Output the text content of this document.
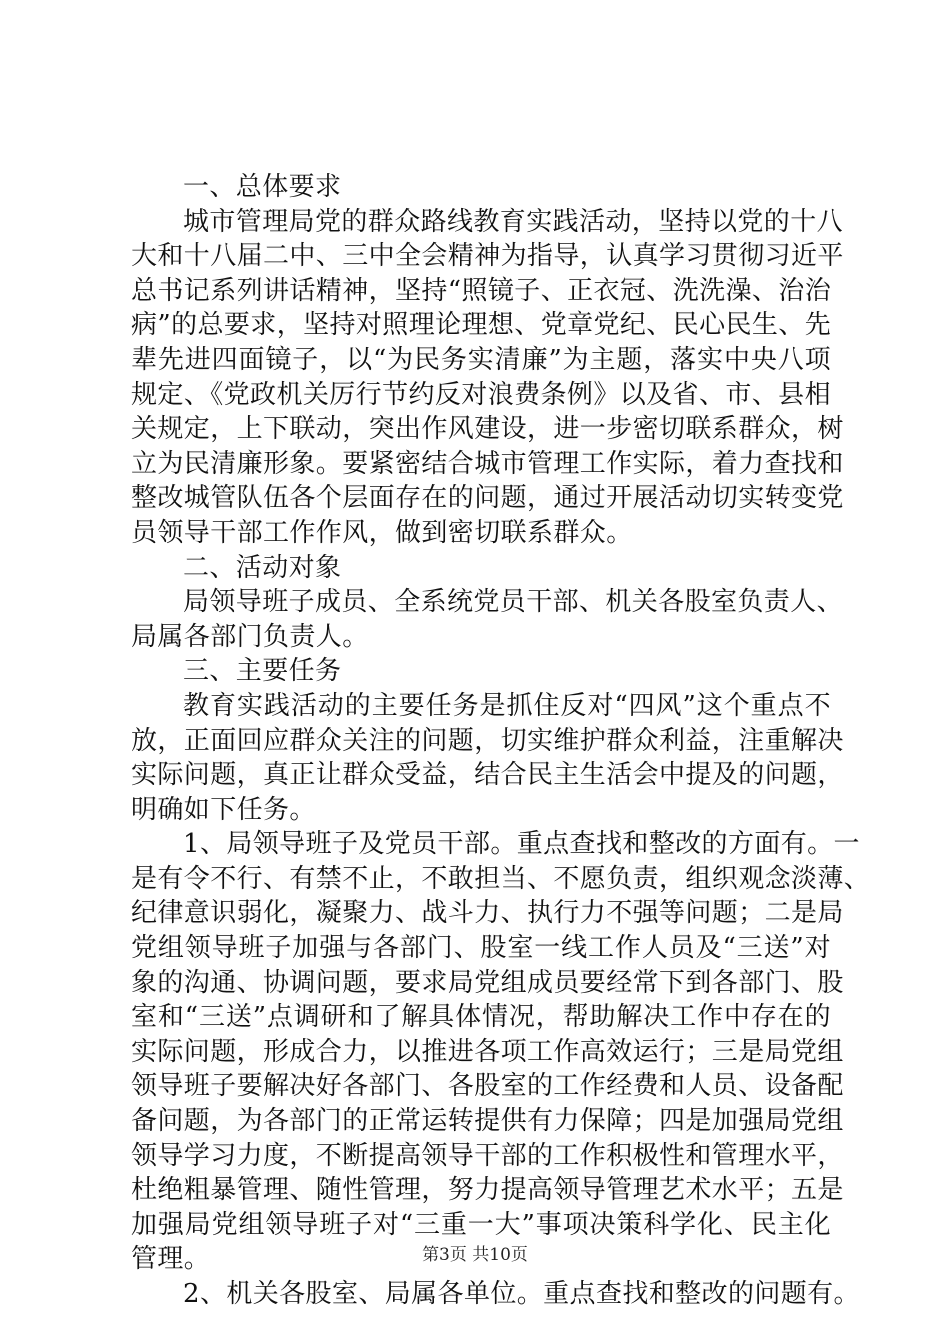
一、总体要求
城市管理局党的群众路线教育实践活动，坚持以党的十八
大和十八届二中、三中全会精神为指导，认真学习贯彻习近平
总书记系列讲话精神，坚持“照镜子、正衣冠、洗洗澡、治治
病”的总要求，坚持对照理论理想、党章党纪、民心民生、先
辈先进四面镜子，以“为民务实清廉”为主题，落实中央八项
规定、《党政机关厉行节约反对浪费条例》以及省、市、县相
关规定，上下联动，突出作风建设，进一步密切联系群众，树
立为民清廉形象。要紧密结合城市管理工作实际，着力查找和
整改城管队伍各个层面存在的问题，通过开展活动切实转变党
员领导干部工作作风，做到密切联系群众。
二、活动对象
局领导班子成员、全系统党员干部、机关各股室负责人、
局属各部门负责人。
三、主要任务
教育实践活动的主要任务是抓住反对“四风”这个重点不
放，正面回应群众关注的问题，切实维护群众利益，注重解决
实际问题，真正让群众受益，结合民主生活会中提及的问题，
明确如下任务。
1、局领导班子及党员干部。重点查找和整改的方面有。一
是有令不行、有禁不止，不敢担当、不愿负责，组织观念淡薄、
纪律意识弱化，凝聚力、战斗力、执行力不强等问题；二是局
党组领导班子加强与各部门、股室一线工作人员及“三送”对
象的沟通、协调问题，要求局党组成员要经常下到各部门、股
室和“三送”点调研和了解具体情况，帮助解决工作中存在的
实际问题，形成合力，以推进各项工作高效运行；三是局党组
领导班子要解决好各部门、各股室的工作经费和人员、设备配
备问题，为各部门的正常运转提供有力保障；四是加强局党组
领导学习力度，不断提高领导干部的工作积极性和管理水平，
杜绝粗暴管理、随性管理，努力提高领导管理艺术水平；五是
加强局党组领导班子对“三重一大”事项决策科学化、民主化
管理。
2、机关各股室、局属各单位。重点查找和整改的问题有。
第3页 共10页
